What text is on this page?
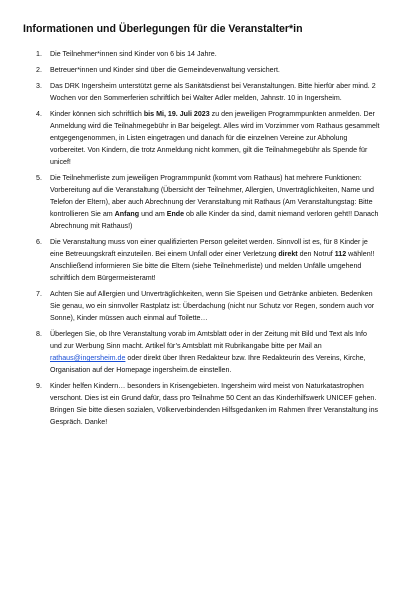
Informationen und Überlegungen für die Veranstalter*in
1.	Die Teilnehmer*innen sind Kinder von 6 bis 14 Jahre.
2.	Betreuer*innen und Kinder sind über die Gemeindeverwaltung versichert.
3.	Das DRK Ingersheim unterstützt gerne als Sanitätsdienst bei Veranstaltungen. Bitte hierfür aber mind. 2 Wochen vor den Sommerferien schriftlich bei Walter Adler melden, Jahnstr. 10 in Ingersheim.
4.	Kinder können sich schriftlich bis Mi, 19. Juli 2023 zu den jeweiligen Programmpunkten anmelden. Der Anmeldung wird die Teilnahmegebühr in Bar beigelegt. Alles wird im Vorzimmer vom Rathaus gesammelt entgegengenommen, in Listen eingetragen und danach für die einzelnen Vereine zur Abholung vorbereitet. Von Kindern, die trotz Anmeldung nicht kommen, gilt die Teilnahmegebühr als Spende für unicef!
5.	Die Teilnehmerliste zum jeweiligen Programmpunkt (kommt vom Rathaus) hat mehrere Funktionen: Vorbereitung auf die Veranstaltung (Übersicht der Teilnehmer, Allergien, Unverträglichkeiten, Name und Telefon der Eltern), aber auch Abrechnung der Veranstaltung mit Rathaus (Am Veranstaltungstag: Bitte kontrollieren Sie am Anfang und am Ende ob alle Kinder da sind, damit niemand verloren geht!! Danach Abrechnung mit Rathaus!)
6.	Die Veranstaltung muss von einer qualifizierten Person geleitet werden. Sinnvoll ist es, für 8 Kinder je eine Betreuungskraft einzuteilen. Bei einem Unfall oder einer Verletzung direkt den Notruf 112 wählen!! Anschließend informieren Sie bitte die Eltern (siehe Teilnehmerliste) und melden Unfälle umgehend schriftlich dem Bürgermeisteramt!
7.	Achten Sie auf Allergien und Unverträglichkeiten, wenn Sie Speisen und Getränke anbieten. Bedenken Sie genau, wo ein sinnvoller Rastplatz ist: Überdachung (nicht nur Schutz vor Regen, sondern auch vor Sonne), Kinder müssen auch einmal auf Toilette…
8.	Überlegen Sie, ob Ihre Veranstaltung vorab im Amtsblatt oder in der Zeitung mit Bild und Text als Info und zur Werbung Sinn macht. Artikel für’s Amtsblatt mit Rubrikangabe bitte per Mail an rathaus@ingersheim.de oder direkt über Ihren Redakteur bzw. Ihre Redakteurin des Vereins, Kirche, Organisation auf der Homepage ingersheim.de einstellen.
9.	Kinder helfen Kindern… besonders in Krisengebieten. Ingersheim wird meist von Naturkatastrophen verschont. Dies ist ein Grund dafür, dass pro Teilnahme 50 Cent an das Kinderhilfswerk UNICEF gehen. Bringen Sie bitte diesen sozialen, Völkerverbindenden Hilfsgedanken im Rahmen Ihrer Veranstaltung ins Gespräch. Danke!
